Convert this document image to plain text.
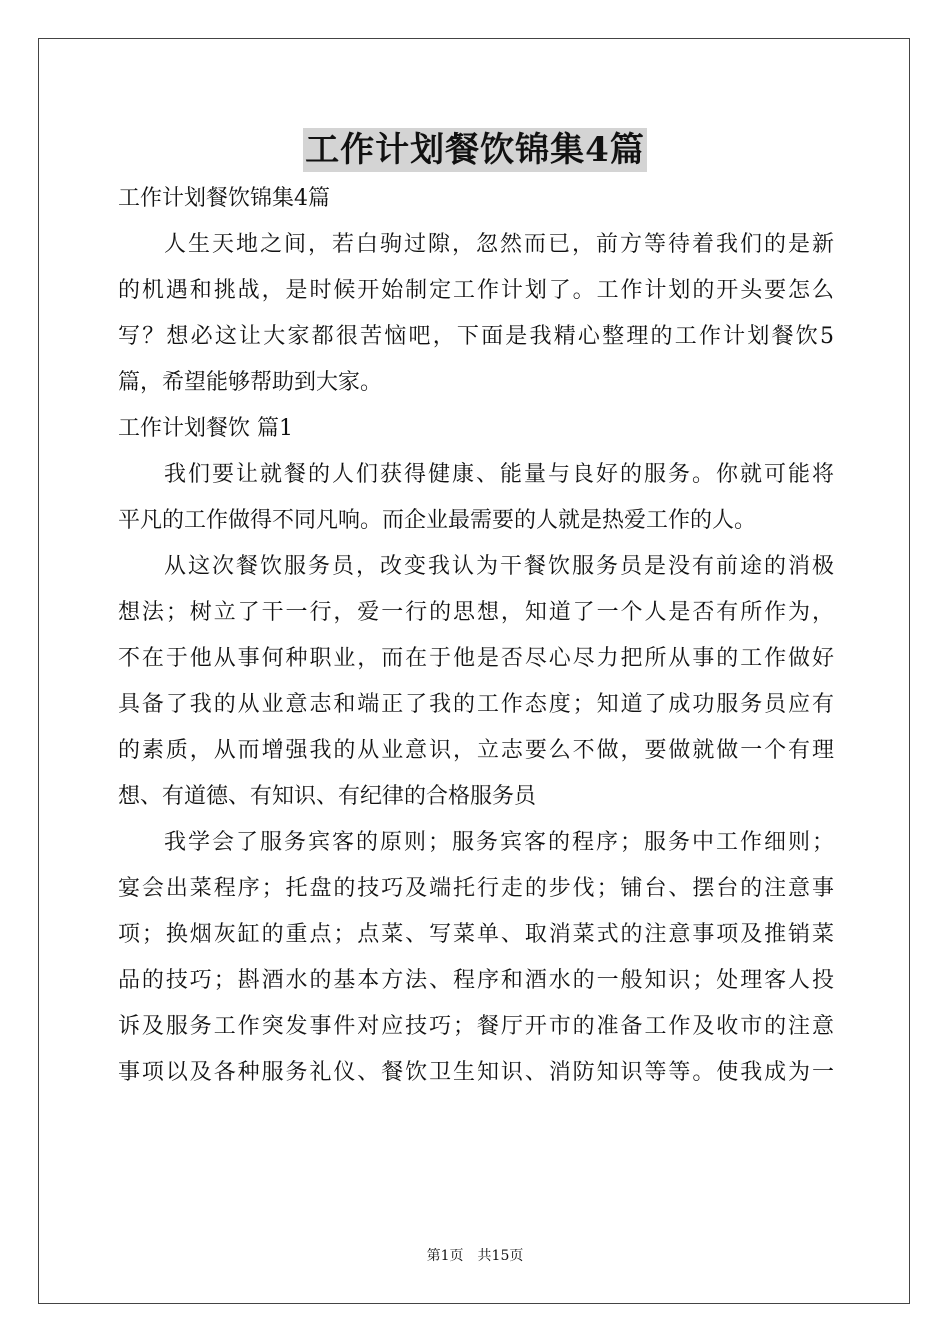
工作计划餐饮锦集4篇
工作计划餐饮锦集4篇
人生天地之间，若白驹过隙，忽然而已，前方等待着我们的是新
的机遇和挑战，是时候开始制定工作计划了。工作计划的开头要怎么
写？想必这让大家都很苦恼吧，下面是我精心整理的工作计划餐饮5
篇，希望能够帮助到大家。
工作计划餐饮 篇1
我们要让就餐的人们获得健康、能量与良好的服务。你就可能将
平凡的工作做得不同凡响。而企业最需要的人就是热爱工作的人。
从这次餐饮服务员，改变我认为干餐饮服务员是没有前途的消极
想法；树立了干一行，爱一行的思想，知道了一个人是否有所作为，
不在于他从事何种职业，而在于他是否尽心尽力把所从事的工作做好
具备了我的从业意志和端正了我的工作态度；知道了成功服务员应有
的素质，从而增强我的从业意识，立志要么不做，要做就做一个有理
想、有道德、有知识、有纪律的合格服务员
我学会了服务宾客的原则；服务宾客的程序；服务中工作细则；
宴会出菜程序；托盘的技巧及端托行走的步伐；铺台、摆台的注意事
项；换烟灰缸的重点；点菜、写菜单、取消菜式的注意事项及推销菜
品的技巧；斟酒水的基本方法、程序和酒水的一般知识；处理客人投
诉及服务工作突发事件对应技巧；餐厅开市的准备工作及收市的注意
事项以及各种服务礼仪、餐饮卫生知识、消防知识等等。使我成为一
第1页 共15页
